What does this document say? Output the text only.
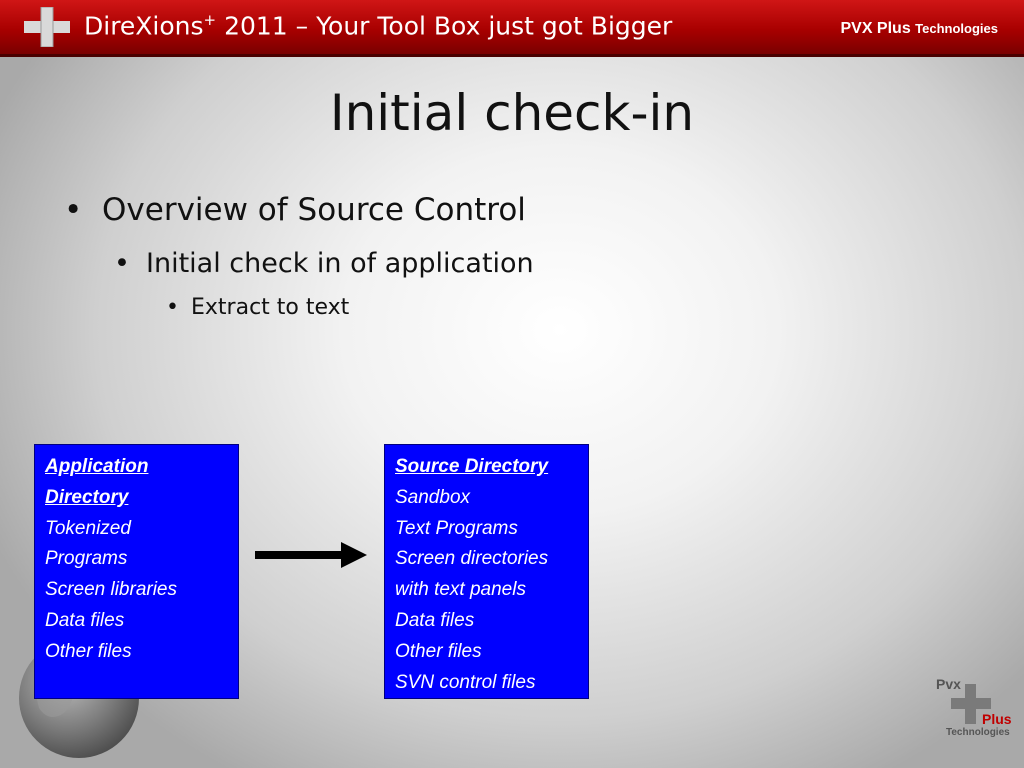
DireXions+ 2011 – Your Tool Box just got Bigger	PVX Plus Technologies
Initial check-in
• Overview of Source Control
• Initial check in of application
• Extract to text
Application
Directory
Tokenized
Programs
Screen libraries
Data files
Other files
Source Directory
Sandbox
Text Programs
Screen directories
with text panels
Data files
Other files
SVN control files	Pvx
Plus
Technologies
